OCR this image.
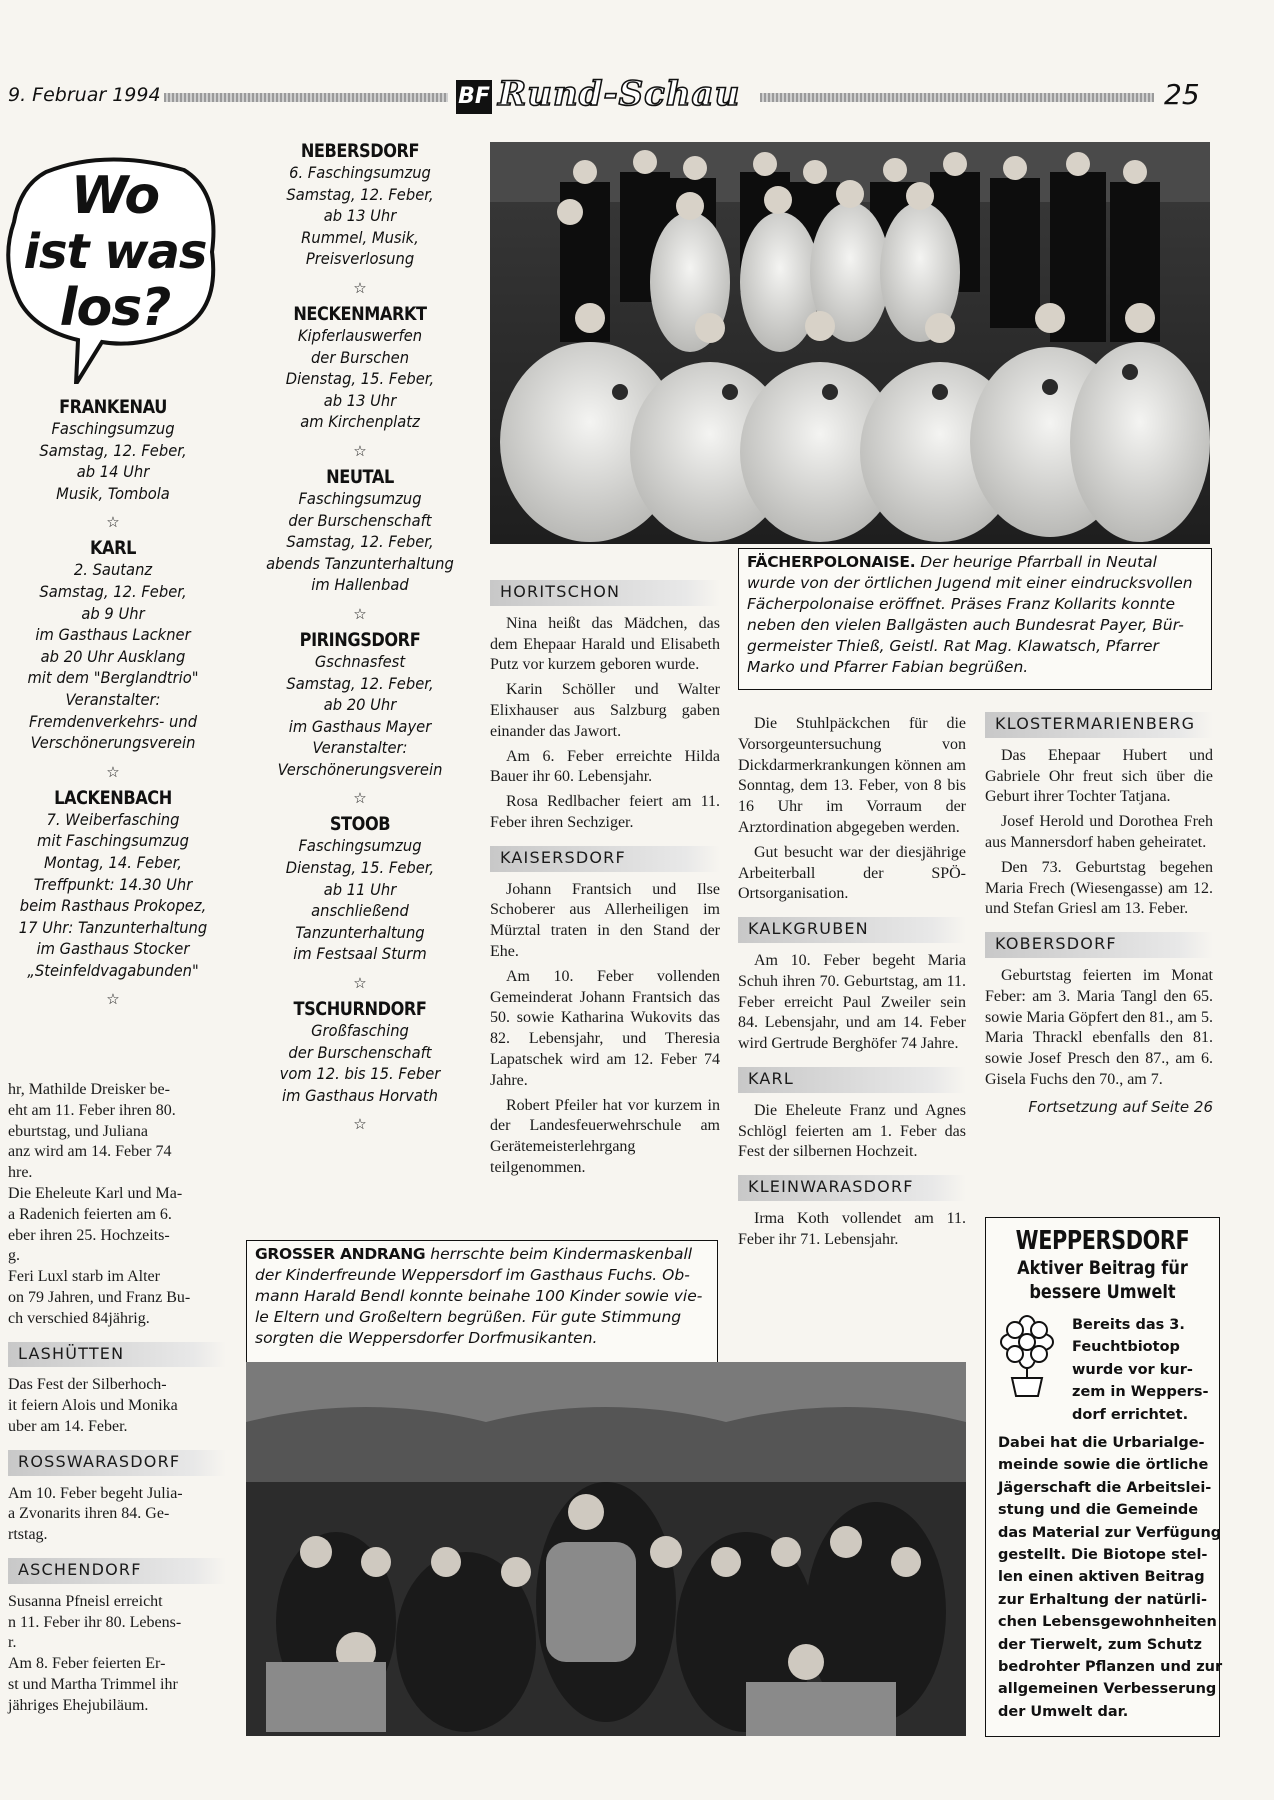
9. Februar 1994	BF Rund-Schau	25
Wo
ist was
los?
FRANKENAU
Faschingsumzug
Samstag, 12. Feber,
ab 14 Uhr
Musik, Tombola
☆
KARL
2. Sautanz
Samstag, 12. Feber,
ab 9 Uhr
im Gasthaus Lackner
ab 20 Uhr Ausklang
mit dem "Berglandtrio"
Veranstalter:
Fremdenverkehrs- und
Verschönerungsverein
☆
LACKENBACH
7. Weiberfasching
mit Faschingsumzug
Montag, 14. Feber,
Treffpunkt: 14.30 Uhr
beim Rasthaus Prokopez,
17 Uhr: Tanzunterhaltung
im Gasthaus Stocker
„Steinfeldvagabunden"
☆
NEBERSDORF
6. Faschingsumzug
Samstag, 12. Feber,
ab 13 Uhr
Rummel, Musik,
Preisverlosung
☆
NECKENMARKT
Kipferlauswerfen
der Burschen
Dienstag, 15. Feber,
ab 13 Uhr
am Kirchenplatz
☆
NEUTAL
Faschingsumzug
der Burschenschaft
Samstag, 12. Feber,
abends Tanzunterhaltung
im Hallenbad
☆
PIRINGSDORF
Gschnasfest
Samstag, 12. Feber,
ab 20 Uhr
im Gasthaus Mayer
Veranstalter:
Verschönerungsverein
☆
STOOB
Faschingsumzug
Dienstag, 15. Feber,
ab 11 Uhr
anschließend
Tanzunterhaltung
im Festsaal Sturm
☆
TSCHURNDORF
Großfasching
der Burschenschaft
vom 12. bis 15. Feber
im Gasthaus Horvath
☆
hr, Mathilde Dreisker be-
eht am 11. Feber ihren 80.
eburtstag, und Juliana
anz wird am 14. Feber 74
hre.
Die Eheleute Karl und Ma-
a Radenich feierten am 6.
eber ihren 25. Hochzeits-
g.
Feri Luxl starb im Alter
on 79 Jahren, und Franz Bu-
ch verschied 84jährig.
LASHÜTTEN
Das Fest der Silberhoch-
it feiern Alois und Monika
uber am 14. Feber.
ROSSWARASDORF
Am 10. Feber begeht Julia-
a Zvonarits ihren 84. Ge-
rtstag.
ASCHENDORF
Susanna Pfneisl erreicht
n 11. Feber ihr 80. Lebens-
r.
Am 8. Feber feierten Er-
st und Martha Trimmel ihr
jähriges Ehejubiläum.
FÄCHERPOLONAISE. Der heurige Pfarrball in Neutal
wurde von der örtlichen Jugend mit einer eindrucksvollen
Fächerpolonaise eröffnet. Präses Franz Kollarits konnte
neben den vielen Ballgästen auch Bundesrat Payer, Bür-
germeister Thieß, Geistl. Rat Mag. Klawatsch, Pfarrer
Marko und Pfarrer Fabian begrüßen.
HORITSCHON

Nina heißt das Mädchen, das dem Ehepaar Harald und Elisabeth Putz vor kurzem geboren wurde.

Karin Schöller und Walter Elixhauser aus Salzburg gaben einander das Jawort.

Am 6. Feber erreichte Hilda Bauer ihr 60. Lebensjahr.

Rosa Redlbacher feiert am 11. Feber ihren Sechziger.

KAISERSDORF

Johann Frantsich und Ilse Schoberer aus Allerheiligen im Mürztal traten in den Stand der Ehe.

Am 10. Feber vollenden Gemeinderat Johann Frantsich das 50. sowie Katharina Wukovits das 82. Lebensjahr, und Theresia Lapatschek wird am 12. Feber 74 Jahre.

Robert Pfeiler hat vor kurzem in der Landesfeuerwehrschule am Gerätemeisterlehrgang teilgenommen.

Die Stuhlpäckchen für die Vorsorgeuntersuchung von Dickdarmerkrankungen können am Sonntag, dem 13. Feber, von 8 bis 16 Uhr im Vorraum der Arztordination abgegeben werden.

Gut besucht war der diesjährige Arbeiterball der SPÖ-Ortsorganisation.

KALKGRUBEN

Am 10. Feber begeht Maria Schuh ihren 70. Geburtstag, am 11. Feber erreicht Paul Zweiler sein 84. Lebensjahr, und am 14. Feber wird Gertrude Berghöfer 74 Jahre.

KARL

Die Eheleute Franz und Agnes Schlögl feierten am 1. Feber das Fest der silbernen Hochzeit.

KLEINWARASDORF

Irma Koth vollendet am 11. Feber ihr 71. Lebensjahr.

KLOSTERMARIENBERG

Das Ehepaar Hubert und Gabriele Ohr freut sich über die Geburt ihrer Tochter Tatjana.

Josef Herold und Dorothea Freh aus Mannersdorf haben geheiratet.

Den 73. Geburtstag begehen Maria Frech (Wiesengasse) am 12. und Stefan Griesl am 13. Feber.

KOBERSDORF

Geburtstag feierten im Monat Feber: am 3. Maria Tangl den 65. sowie Maria Göpfert den 81., am 5. Maria Thrackl ebenfalls den 81. sowie Josef Presch den 87., am 6. Gisela Fuchs den 70., am 7.

Fortsetzung auf Seite 26
GROSSER ANDRANG herrschte beim Kindermaskenball
der Kinderfreunde Weppersdorf im Gasthaus Fuchs. Ob-
mann Harald Bendl konnte beinahe 100 Kinder sowie vie-
le Eltern und Großeltern begrüßen. Für gute Stimmung
sorgten die Weppersdorfer Dorfmusikanten.
WEPPERSDORF
Aktiver Beitrag für
bessere Umwelt
Bereits das 3.
Feuchtbiotop
wurde vor kur-
zem in Weppers-
dorf errichtet.
Dabei hat die Urbarialge-
meinde sowie die örtliche
Jägerschaft die Arbeitslei-
stung und die Gemeinde
das Material zur Verfügung
gestellt. Die Biotope stel-
len einen aktiven Beitrag
zur Erhaltung der natürli-
chen Lebensgewohnheiten
der Tierwelt, zum Schutz
bedrohter Pflanzen und zur
allgemeinen Verbesserung
der Umwelt dar.
